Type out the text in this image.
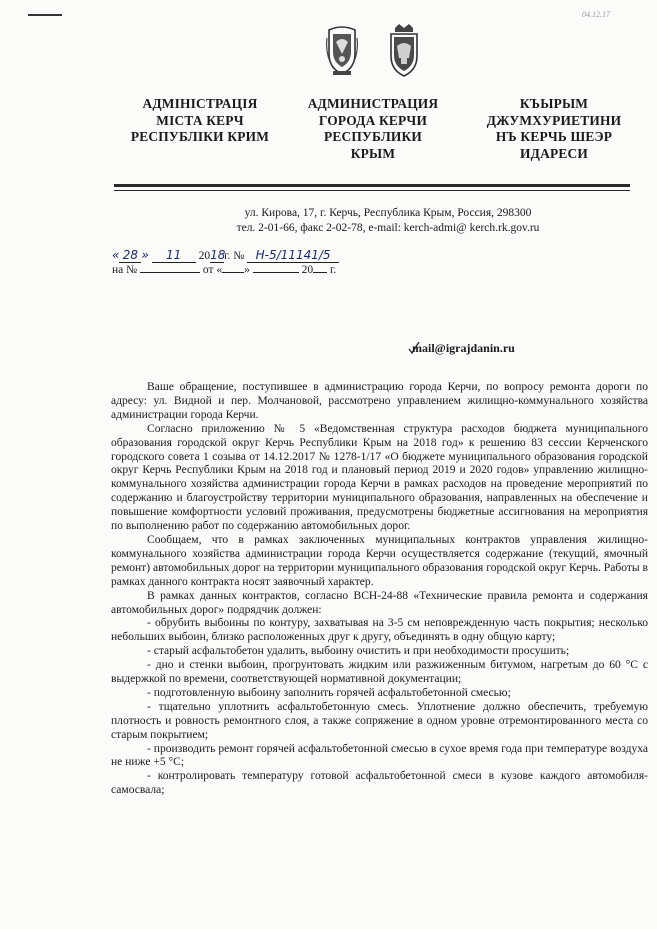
04.12.17
АДМІНІСТРАЦІЯ
МІСТА КЕРЧ
РЕСПУБЛІКИ КРИМ
АДМИНИСТРАЦИЯ
ГОРОДА КЕРЧИ
РЕСПУБЛИКИ
КРЫМ
КЪЫРЫМ
ДЖУМХУРИЕТИНИ
НЪ КЕРЧЬ ШЕЭР
ИДАРЕСИ
ул. Кирова, 17, г. Керчь, Республика Крым, Россия, 298300
тел. 2-01-66, факс 2-02-78, e-mail: kerch-admi@ kerch.rk.gov.ru
« 28 » 11 2018г. № Н-5/11141/5
на №	от « »	20 г.
mail@igrajdanin.ru

Ваше обращение, поступившее в администрацию города Керчи, по вопросу ремонта дороги по адресу: ул. Видной и пер. Молчановой, рассмотрено управлением жилищно-коммунального хозяйства администрации города Керчи.

Согласно приложению № 5 «Ведомственная структура расходов бюджета муниципального образования городской округ Керчь Республики Крым на 2018 год» к решению 83 сессии Керченского городского совета 1 созыва от 14.12.2017 № 1278-1/17 «О бюджете муниципального образования городской округ Керчь Республики Крым на 2018 год и плановый период 2019 и 2020 годов» управлению жилищно-коммунального хозяйства администрации города Керчи в рамках расходов на проведение мероприятий по содержанию и благоустройству территории муниципального образования, направленных на обеспечение и повышение комфортности условий проживания, предусмотрены бюджетные ассигнования на мероприятия по выполнению работ по содержанию автомобильных дорог.

Сообщаем, что в рамках заключенных муниципальных контрактов управления жилищно-коммунального хозяйства администрации города Керчи осуществляется содержание (текущий, ямочный ремонт) автомобильных дорог на территории муниципального образования городской округ Керчь. Работы в рамках данного контракта носят заявочный характер.

В рамках данных контрактов, согласно ВСН-24-88 «Технические правила ремонта и содержания автомобильных дорог» подрядчик должен:

- обрубить выбоины по контуру, захватывая на 3-5 см неповрежденную часть покрытия; несколько небольших выбоин, близко расположенных друг к другу, объединять в одну общую карту;

- старый асфальтобетон удалить, выбоину очистить и при необходимости просушить;

- дно и стенки выбоин, прогрунтовать жидким или разжиженным битумом, нагретым до 60 °C с выдержкой по времени, соответствующей нормативной документации;

- подготовленную выбоину заполнить горячей асфальтобетонной смесью;

- тщательно уплотнить асфальтобетонную смесь. Уплотнение должно обеспечить, требуемую плотность и ровность ремонтного слоя, а также сопряжение в одном уровне отремонтированного места со старым покрытием;

- производить ремонт горячей асфальтобетонной смесью в сухое время года при температуре воздуха не ниже +5 °C;

- контролировать температуру готовой асфальтобетонной смеси в кузове каждого автомобиля-самосвала;
